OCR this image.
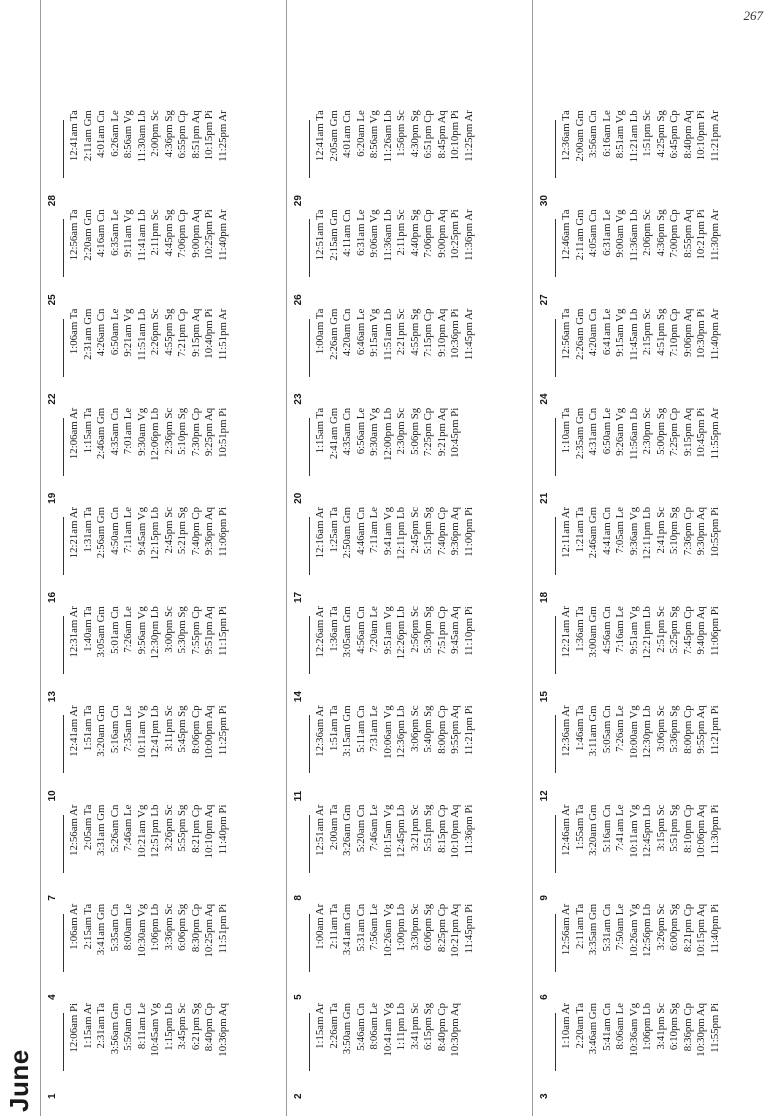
267
June 1
12:06am Pi 1:15am Ar 2:31am Ta 3:56am Gm 5:50am Cn 8:11am Le 10:45am Vg 1:15pm Lb 3:45pm Sc 6:21pm Sg 8:40pm Cp 10:36pm Aq
4
1:06am Ar 2:15am Ta 3:41am Gm 5:35am Cn 8:00am Le 10:30am Vg 1:06pm Lb 3:36pm Sc 6:06pm Sg 8:30pm Cp 10:25pm Aq 11:51pm Pi
7
12:56am Ar 2:05am Ta 3:31am Gm 5:26am Cn 7:46am Le 10:21am Vg 12:51pm Lb 3:26pm Sc 5:55pm Sg 8:21pm Cp 10:10pm Aq 11:40pm Pi
10
12:41am Ar 1:51am Ta 3:20am Gm 5:16am Cn 7:35am Le 10:11am Vg 12:41pm Lb 3:11pm Sc 5:45pm Sg 8:06pm Cp 10:00pm Aq 11:25pm Pi
13
12:31am Ar 1:40am Ta 3:05am Gm 5:01am Cn 7:26am Le 9:56am Vg 12:30pm Lb 3:00pm Sc 5:30pm Sg 7:55pm Cp 9:51pm Aq 11:15pm Pi
16
12:21am Ar 1:31am Ta 2:56am Gm 4:50am Cn 7:11am Le 9:45am Vg 12:15pm Lb 2:45pm Sc 5:21pm Sg 7:40pm Cp 9:36pm Aq 11:06pm Pi
19
12:06am Ar 1:15am Ta 2:46am Gm 4:35am Cn 7:01am Le 9:30am Vg 12:06pm Lb 2:36pm Sc 5:10pm Sg 7:30pm Cp 9:25pm Aq 10:51pm Pi
22
1:06am Ta 2:31am Gm 4:26am Cn 6:50am Le 9:21am Vg 11:51am Lb 2:26pm Sc 4:55pm Sg 7:21pm Cp 9:15pm Aq 10:40pm Pi 11:51pm Ar
25
12:56am Ta 2:20am Gm 4:16am Cn 6:35am Le 9:11am Vg 11:41am Lb 2:11pm Sc 4:45pm Sg 7:06pm Cp 9:00pm Aq 10:25pm Pi 11:40pm Ar
28
12:41am Ta 2:11am Gm 4:01am Cn 6:26am Le 8:56am Vg 11:30am Lb 2:00pm Sc 4:36pm Sg 6:55pm Cp 8:51pm Aq 10:15pm Pi 11:25pm Ar
2
1:15am Ar 2:26am Ta 3:50am Gm 5:46am Cn 8:06am Le 10:41am Vg 1:11pm Lb 3:41pm Sc 6:15pm Sg 8:40pm Cp 10:30pm Aq
5
1:00am Ar 2:11am Ta 3:41am Gm 5:31am Cn 7:56am Le 10:26am Vg 1:00pm Lb 3:30pm Sc 6:06pm Sg 8:25pm Cp 10:21pm Aq 11:45pm Pi
8
12:51am Ar 2:00am Ta 3:26am Gm 5:20am Cn 7:46am Le 10:15am Vg 12:45pm Lb 3:21pm Sc 5:51pm Sg 8:15pm Cp 10:10pm Aq 11:36pm Pi
11
12:36am Ar 1:51am Ta 3:15am Gm 5:11am Cn 7:31am Le 10:06am Vg 12:36pm Lb 3:06pm Sc 5:40pm Sg 8:00pm Cp 9:55pm Aq 11:21pm Pi
14
12:26am Ar 1:36am Ta 3:05am Gm 4:56am Cn 7:20am Le 9:51am Vg 12:26pm Lb 2:56pm Sc 5:30pm Sg 7:51pm Cp 9:45am Aq 11:10pm Pi
17
12:16am Ar 1:25am Ta 2:50am Gm 4:46am Cn 7:11am Le 9:41am Vg 12:11pm Lb 2:45pm Sc 5:15pm Sg 7:40pm Cp 9:36pm Aq 11:00pm Pi
20
1:15am Ta 2:41am Gm 4:35am Cn 6:56am Le 9:30am Vg 12:00pm Lb 2:30pm Sc 5:06pm Sg 7:25pm Cp 9:21pm Aq 10:45pm Pi
23
1:00am Ta 2:26am Gm 4:20am Cn 6:46am Le 9:15am Vg 11:51am Lb 2:21pm Sc 4:55pm Sg 7:15pm Cp 9:10pm Aq 10:36pm Pi 11:45pm Ar
26
12:51am Ta 2:15am Gm 4:11am Cn 6:31am Le 9:06am Vg 11:36am Lb 2:11pm Sc 4:40pm Sg 7:06pm Cp 9:00pm Aq 10:25pm Pi 11:36pm Ar
29
12:41am Ta 2:05am Gm 4:01am Cn 6:20am Le 8:56am Vg 11:26am Lb 1:56pm Sc 4:30pm Sg 6:51pm Cp 8:45pm Aq 10:10pm Pi 11:25pm Ar
3
1:10am Ar 2:20am Ta 3:46am Gm 5:41am Cn 8:06am Le 10:36am Vg 1:06pm Lb 3:41pm Sc 6:10pm Sg 8:36pm Cp 10:30pm Aq 11:55pm Pi
6
12:56am Ar 2:11am Ta 3:35am Gm 5:31am Cn 7:50am Le 10:26am Vg 12:56pm Lb 3:26pm Sc 6:00pm Sg 8:21pm Cp 10:15pm Aq 11:40pm Pi
9
12:46am Ar 1:55am Ta 3:20am Gm 5:16am Cn 7:41am Le 10:11am Vg 12:45pm Lb 3:15pm Sc 5:51pm Sg 8:10pm Cp 10:06pm Aq 11:30pm Pi
12
12:36am Ar 1:46am Ta 3:11am Gm 5:05am Cn 7:26am Le 10:00am Vg 12:30pm Lb 3:06pm Sc 5:36pm Sg 8:00pm Cp 9:55pm Aq 11:21pm Pi
15
12:21am Ar 1:36am Ta 3:00am Gm 4:56am Cn 7:16am Le 9:51am Vg 12:21pm Lb 2:51pm Sc 5:25pm Sg 7:45pm Cp 9:40pm Aq 11:06pm Pi
18
12:11am Ar 1:21am Ta 2:46am Gm 4:41am Cn 7:05am Le 9:36am Vg 12:11pm Lb 2:41pm Sc 5:10pm Sg 7:36pm Cp 9:30pm Aq 10:55pm Pi
21
1:10am Ta 2:35am Gm 4:31am Cn 6:50am Le 9:26am Vg 11:56am Lb 2:30pm Sc 5:00pm Sg 7:25pm Cp 9:15pm Aq 10:45pm Pi 11:55pm Ar
24
12:56am Ta 2:26am Gm 4:20am Cn 6:41am Le 9:15am Vg 11:45am Lb 2:15pm Sc 4:51pm Sg 7:10pm Cp 9:06pm Aq 10:30pm Pi 11:40pm Ar
27
12:46am Ta 2:11am Gm 4:05am Cn 6:31am Le 9:00am Vg 11:36am Lb 2:06pm Sc 4:36pm Sg 7:00pm Cp 8:55pm Aq 10:21pm Pi 11:30pm Ar
30
12:36am Ta 2:00am Gm 3:56am Cn 6:16am Le 8:51am Vg 11:21am Lb 1:51pm Sc 4:25pm Sg 6:45pm Cp 8:40pm Aq 10:10pm Pi 11:21pm Ar
